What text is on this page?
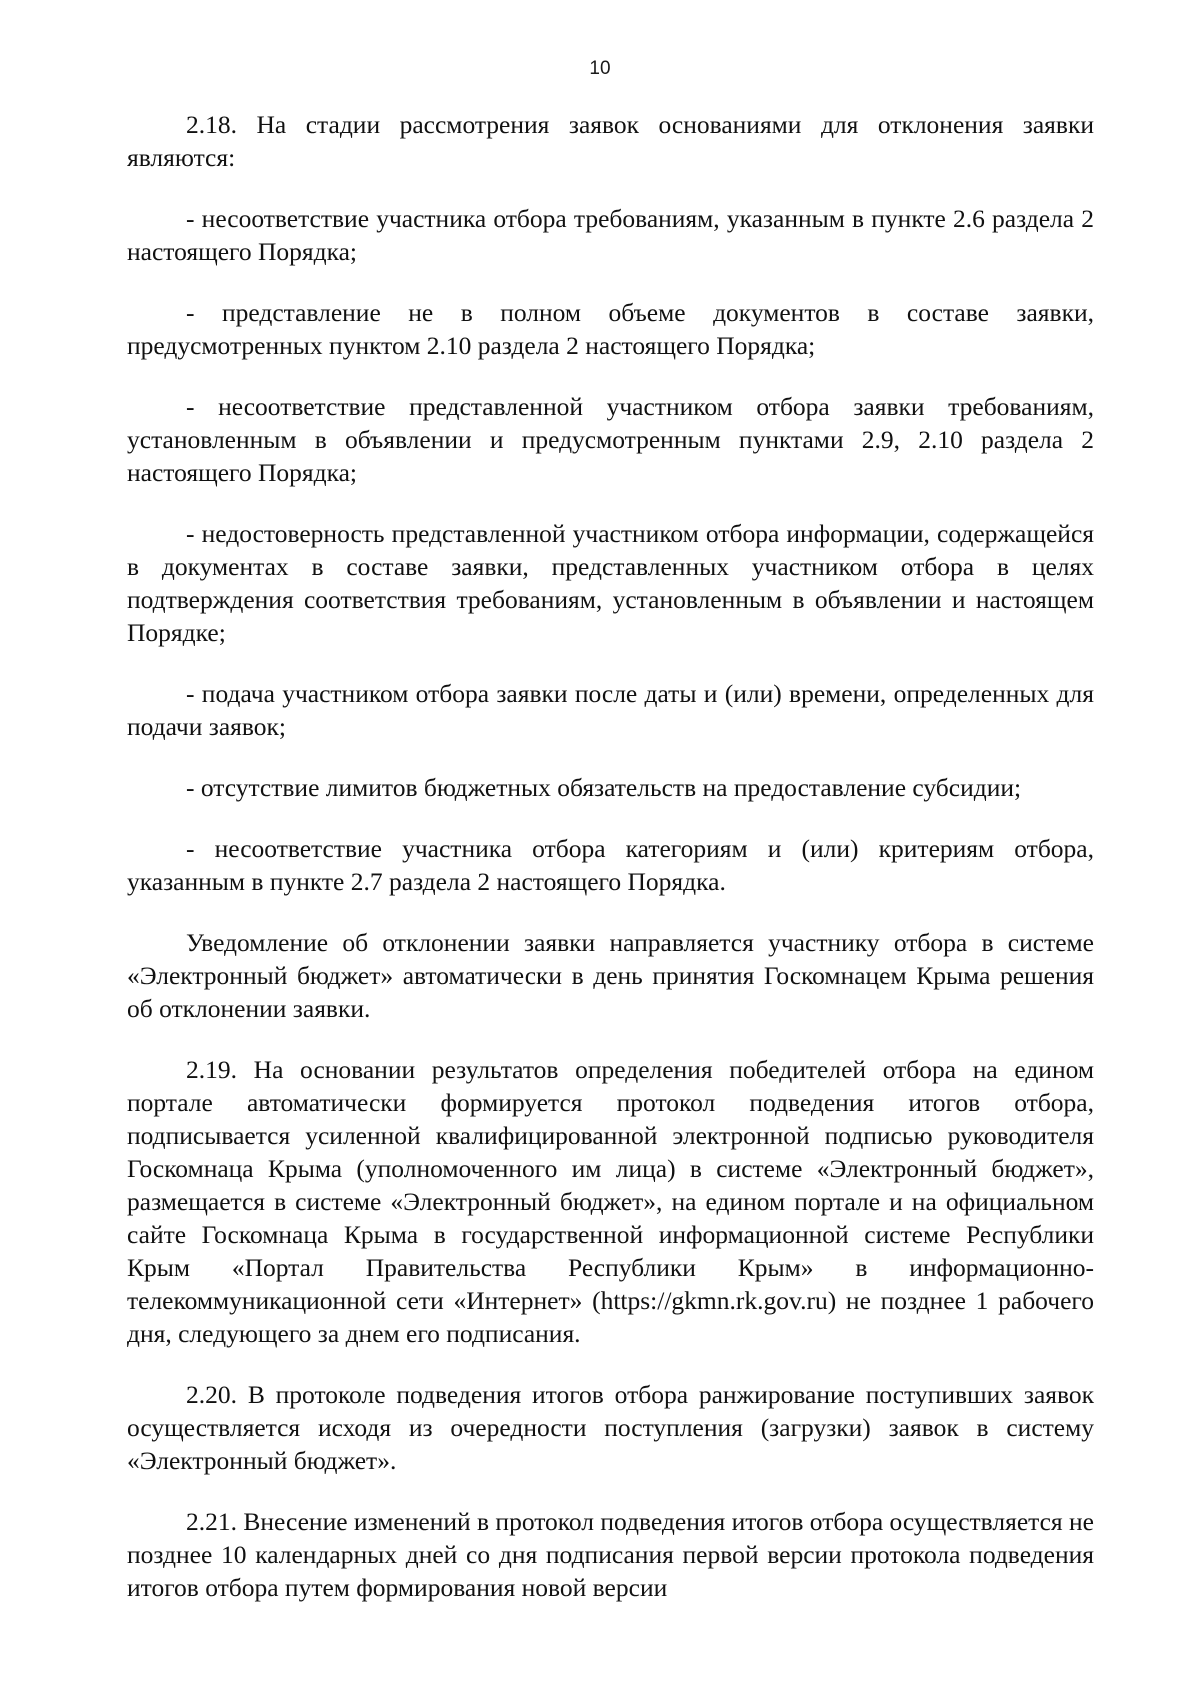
10

2.18. На стадии рассмотрения заявок основаниями для отклонения заявки являются:

- несоответствие участника отбора требованиям, указанным в пункте 2.6 раздела 2 настоящего Порядка;

- представление не в полном объеме документов в составе заявки, предусмотренных пунктом 2.10 раздела 2 настоящего Порядка;

- несоответствие представленной участником отбора заявки требованиям, установленным в объявлении и предусмотренным пунктами 2.9, 2.10 раздела 2 настоящего Порядка;

- недостоверность представленной участником отбора информации, содержащейся в документах в составе заявки, представленных участником отбора в целях подтверждения соответствия требованиям, установленным в объявлении и настоящем Порядке;

- подача участником отбора заявки после даты и (или) времени, определенных для подачи заявок;

- отсутствие лимитов бюджетных обязательств на предоставление субсидии;

- несоответствие участника отбора категориям и (или) критериям отбора, указанным в пункте 2.7 раздела 2 настоящего Порядка.

Уведомление об отклонении заявки направляется участнику отбора в системе «Электронный бюджет» автоматически в день принятия Госкомнацем Крыма решения об отклонении заявки.

2.19. На основании результатов определения победителей отбора на едином портале автоматически формируется протокол подведения итогов отбора, подписывается усиленной квалифицированной электронной подписью руководителя Госкомнаца Крыма (уполномоченного им лица) в системе «Электронный бюджет», размещается в системе «Электронный бюджет», на едином портале и на официальном сайте Госкомнаца Крыма в государственной информационной системе Республики Крым «Портал Правительства Республики Крым» в информационно-телекоммуникационной сети «Интернет» (https://gkmn.rk.gov.ru) не позднее 1 рабочего дня, следующего за днем его подписания.

2.20. В протоколе подведения итогов отбора ранжирование поступивших заявок осуществляется исходя из очередности поступления (загрузки) заявок в систему «Электронный бюджет».

2.21. Внесение изменений в протокол подведения итогов отбора осуществляется не позднее 10 календарных дней со дня подписания первой версии протокола подведения итогов отбора путем формирования новой версии
